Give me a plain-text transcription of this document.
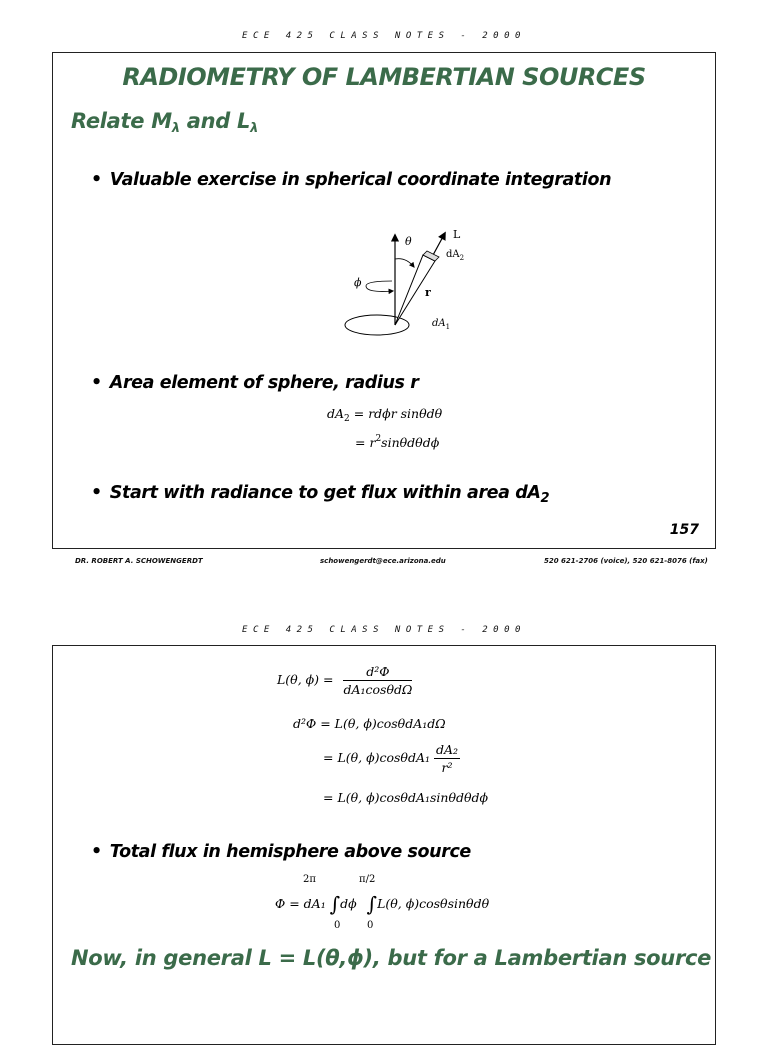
ECE 425 CLASS NOTES - 2000
RADIOMETRY OF LAMBERTIAN SOURCES
Relate Mλ and Lλ
• Valuable exercise in spherical coordinate integration
θ
L
$dA_2$
ϕ
r
$dA_1$
• Area element of sphere, radius r
$dA_2 = rd\phi r$ sinθdθ
= $r^2\sin\theta d\theta d\phi$
• Start with radiance to get flux within area $dA_2$
157
DR. ROBERT A. SCHOWENGERDT	schowengerdt@ece.arizona.edu	520 621-2706 (voice), 520 621-8076 (fax)
ECE 425 CLASS NOTES - 2000
L(θ, $\phi) = \frac{\text{d²Φ}}{\text{dA₁cosθdΩ}}$
d²Φ = L(θ, ϕ)cosθdA₁dΩ
= L(θ, $\phi)\cos\theta dA_1 \frac{\text{dA₂}}{\text{r²}}$
= L(θ, ϕ)cosθdA₁sinθdθdϕ
• Total flux in hemisphere above source
2π	π/2
Φ = dA₁ ∫dϕ ∫L(θ, ϕ)cosθsinθdθ
0	0
Now, in general L = L(θ,ϕ), but for a Lambertian source
